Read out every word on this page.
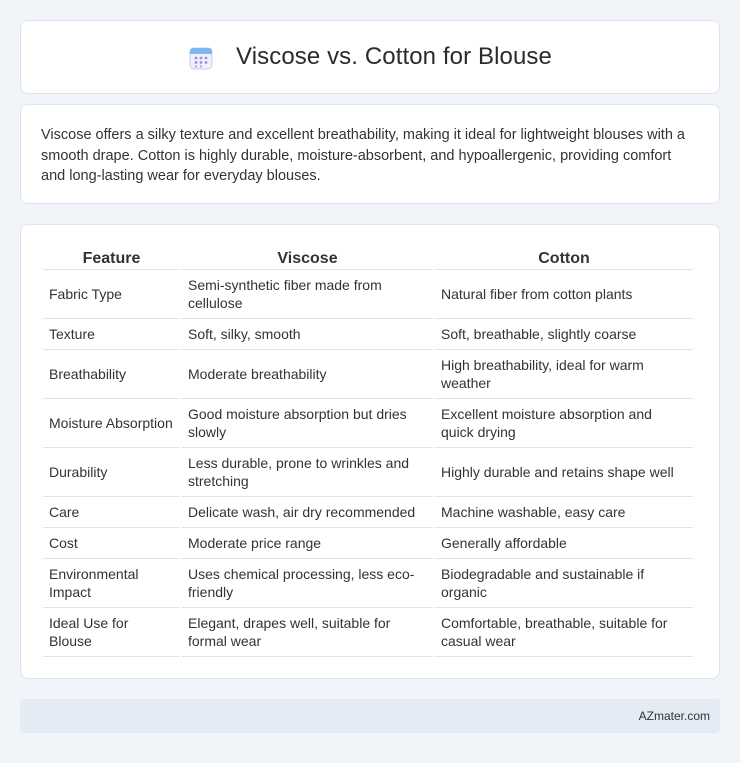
Viscose vs. Cotton for Blouse

Viscose offers a silky texture and excellent breathability, making it ideal for lightweight blouses with a smooth drape. Cotton is highly durable, moisture-absorbent, and hypoallergenic, providing comfort and long-lasting wear for everyday blouses.

Feature	Viscose	Cotton
Fabric Type	Semi-synthetic fiber made from cellulose	Natural fiber from cotton plants
Texture	Soft, silky, smooth	Soft, breathable, slightly coarse
Breathability	Moderate breathability	High breathability, ideal for warm weather
Moisture Absorption	Good moisture absorption but dries slowly	Excellent moisture absorption and quick drying
Durability	Less durable, prone to wrinkles and stretching	Highly durable and retains shape well
Care	Delicate wash, air dry recommended	Machine washable, easy care
Cost	Moderate price range	Generally affordable
Environmental Impact	Uses chemical processing, less eco-friendly	Biodegradable and sustainable if organic
Ideal Use for Blouse	Elegant, drapes well, suitable for formal wear	Comfortable, breathable, suitable for casual wear
AZmater.com
